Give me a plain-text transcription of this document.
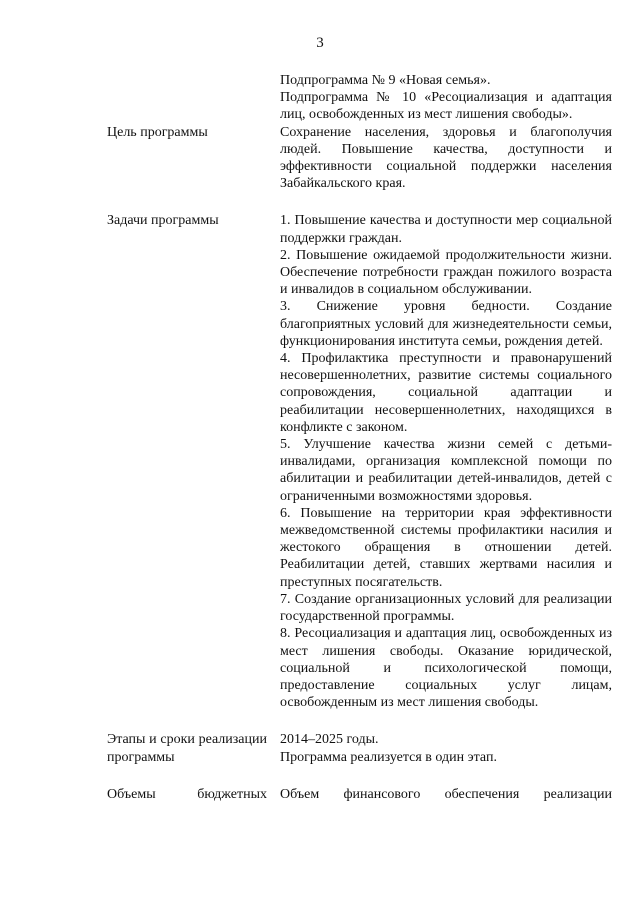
3

Подпрограмма № 9 «Новая семья».

Подпрограмма № 10 «Ресоциализация и адаптация лиц, освобожденных из мест лишения свободы».

Цель программы	Сохранение населения, здоровья и благополучия людей. Повышение качества, доступности и эффективности социальной поддержки населения Забайкальского края.

Задачи программы	1. Повышение качества и доступности мер социальной поддержки граждан.

2. Повышение ожидаемой продолжительности жизни. Обеспечение потребности граждан пожилого возраста и инвалидов в социальном обслуживании.

3. Снижение уровня бедности. Создание благоприятных условий для жизнедеятельности семьи, функционирования института семьи, рождения детей.

4. Профилактика преступности и правонарушений несовершеннолетних, развитие системы социального сопровождения, социальной адаптации и реабилитации несовершеннолетних, находящихся в конфликте с законом.

5. Улучшение качества жизни семей с детьми-инвалидами, организация комплексной помощи по абилитации и реабилитации детей-инвалидов, детей с ограниченными возможностями здоровья.

6. Повышение на территории края эффективности межведомственной системы профилактики насилия и жестокого обращения в отношении детей. Реабилитации детей, ставших жертвами насилия и преступных посягательств.

7. Создание организационных условий для реализации государственной программы.

8. Ресоциализация и адаптация лиц, освобожденных из мест лишения свободы. Оказание юридической, социальной и психологической помощи, предоставление социальных услуг лицам, освобожденным из мест лишения свободы.

Этапы и сроки реализации программы

2014–2025 годы.

Программа реализуется в один этап.

Объемы бюджетных Объем финансового обеспечения реализации
